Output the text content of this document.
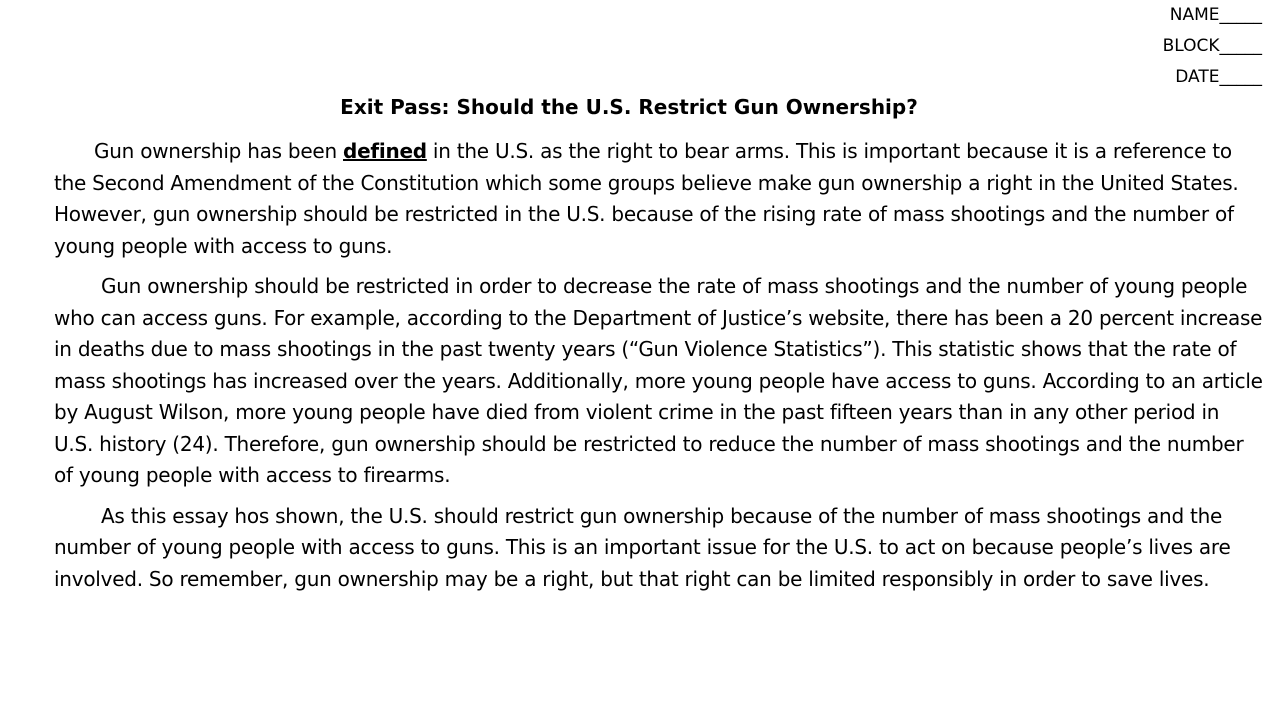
NAME_____
BLOCK_____
DATE_____
Exit Pass: Should the U.S. Restrict Gun Ownership?

Gun ownership has been defined in the U.S. as the right to bear arms. This is important because it is a reference to the Second Amendment of the Constitution which some groups believe make gun ownership a right in the United States. However, gun ownership should be restricted in the U.S. because of the rising rate of mass shootings and the number of young people with access to guns.

Gun ownership should be restricted in order to decrease the rate of mass shootings and the number of young people who can access guns. For example, according to the Department of Justice’s website, there has been a 20 percent increase in deaths due to mass shootings in the past twenty years (“Gun Violence Statistics”). This statistic shows that the rate of mass shootings has increased over the years. Additionally, more young people have access to guns. According to an article by August Wilson, more young people have died from violent crime in the past fifteen years than in any other period in U.S. history (24). Therefore, gun ownership should be restricted to reduce the number of mass shootings and the number of young people with access to firearms.

As this essay hos shown, the U.S. should restrict gun ownership because of the number of mass shootings and the number of young people with access to guns. This is an important issue for the U.S. to act on because people’s lives are involved. So remember, gun ownership may be a right, but that right can be limited responsibly in order to save lives.
